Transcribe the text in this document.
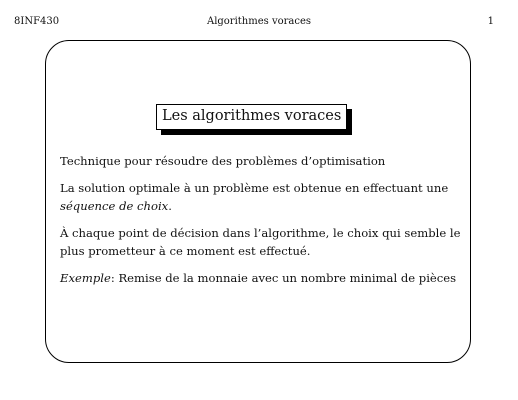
8INF430	Algorithmes voraces	1
Les algorithmes voraces

Technique pour résoudre des problèmes d’optimisation

La solution optimale à un problème est obtenue en effectuant une
séquence de choix.

À chaque point de décision dans l’algorithme, le choix qui semble le
plus prometteur à ce moment est effectué.

Exemple: Remise de la monnaie avec un nombre minimal de pièces
